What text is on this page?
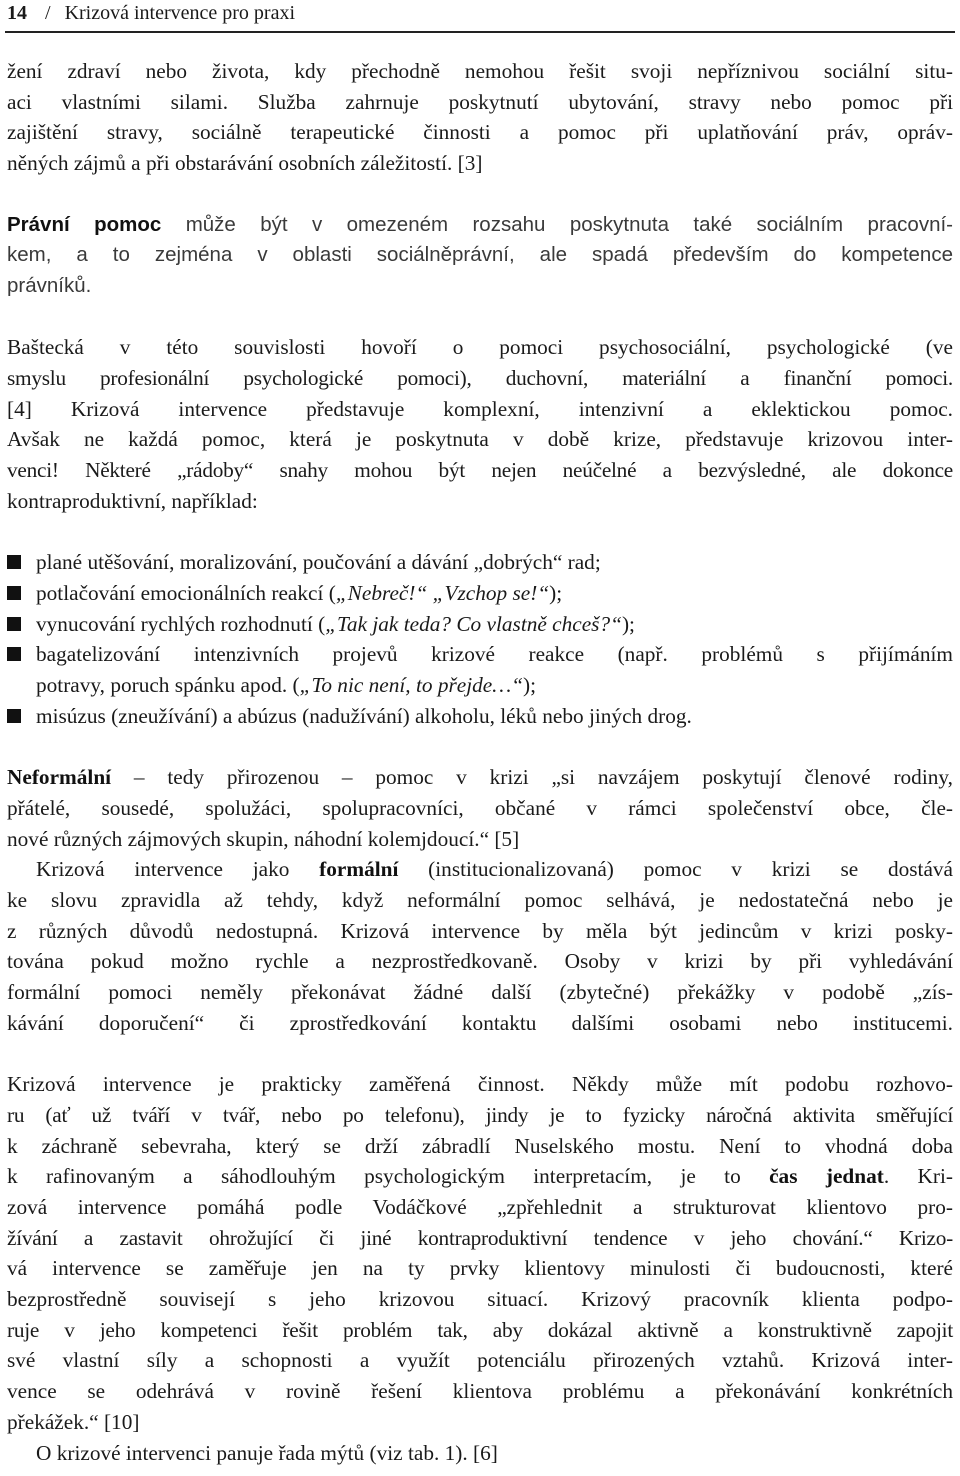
14 / Krizová intervence pro praxi
žení zdraví nebo života, kdy přechodně nemohou řešit svoji nepříznivou sociální situ-
aci vlastními silami. Služba zahrnuje poskytnutí ubytování, stravy nebo pomoc při
zajištění stravy, sociálně terapeutické činnosti a pomoc při uplatňování práv, opráv-
něných zájmů a při obstarávání osobních záležitostí. [3]
Právní pomoc může být v omezeném rozsahu poskytnuta také sociálním pracovní-
kem, a to zejména v oblasti sociálněprávní, ale spadá především do kompetence
právníků.
Baštecká v této souvislosti hovoří o pomoci psychosociální, psychologické (ve
smyslu profesionální psychologické pomoci), duchovní, materiální a finanční pomoci.
[4] Krizová intervence představuje komplexní, intenzivní a eklektickou pomoc.
Avšak ne každá pomoc, která je poskytnuta v době krize, představuje krizovou inter-
venci! Některé „rádoby“ snahy mohou být nejen neúčelné a bezvýsledné, ale dokonce
kontraproduktivní, například:
plané utěšování, moralizování, poučování a dávání „dobrých“ rad;
potlačování emocionálních reakcí („Nebreč!“ „Vzchop se!“);
vynucování rychlých rozhodnutí („Tak jak teda? Co vlastně chceš?“);
bagatelizování intenzivních projevů krizové reakce (např. problémů s přijímáním
potravy, poruch spánku apod. („To nic není, to přejde…“);
misúzus (zneužívání) a abúzus (nadužívání) alkoholu, léků nebo jiných drog.
Neformální – tedy přirozenou – pomoc v krizi „si navzájem poskytují členové rodiny,
přátelé, sousedé, spolužáci, spolupracovníci, občané v rámci společenství obce, čle-
nové různých zájmových skupin, náhodní kolemjdoucí.“ [5]
Krizová intervence jako formální (institucionalizovaná) pomoc v krizi se dostává
ke slovu zpravidla až tehdy, když neformální pomoc selhává, je nedostatečná nebo je
z různých důvodů nedostupná. Krizová intervence by měla být jedincům v krizi posky-
tována pokud možno rychle a nezprostředkovaně. Osoby v krizi by při vyhledávání
formální pomoci neměly překonávat žádné další (zbytečné) překážky v podobě „zís-
kávání doporučení“ či zprostředkování kontaktu dalšími osobami nebo institucemi.
Krizová intervence je prakticky zaměřená činnost. Někdy může mít podobu rozhovo-
ru (ať už tváří v tvář, nebo po telefonu), jindy je to fyzicky náročná aktivita směřující
k záchraně sebevraha, který se drží zábradlí Nuselského mostu. Není to vhodná doba
k rafinovaným a sáhodlouhým psychologickým interpretacím, je to čas jednat. Kri-
zová intervence pomáhá podle Vodáčkové „zpřehlednit a strukturovat klientovo pro-
žívání a zastavit ohrožující či jiné kontraproduktivní tendence v jeho chování.“ Krizo-
vá intervence se zaměřuje jen na ty prvky klientovy minulosti či budoucnosti, které
bezprostředně souvisejí s jeho krizovou situací. Krizový pracovník klienta podpo-
ruje v jeho kompetenci řešit problém tak, aby dokázal aktivně a konstruktivně zapojit
své vlastní síly a schopnosti a využít potenciálu přirozených vztahů. Krizová inter-
vence se odehrává v rovině řešení klientova problému a překonávání konkrétních
překážek.“ [10]
O krizové intervenci panuje řada mýtů (viz tab. 1). [6]
